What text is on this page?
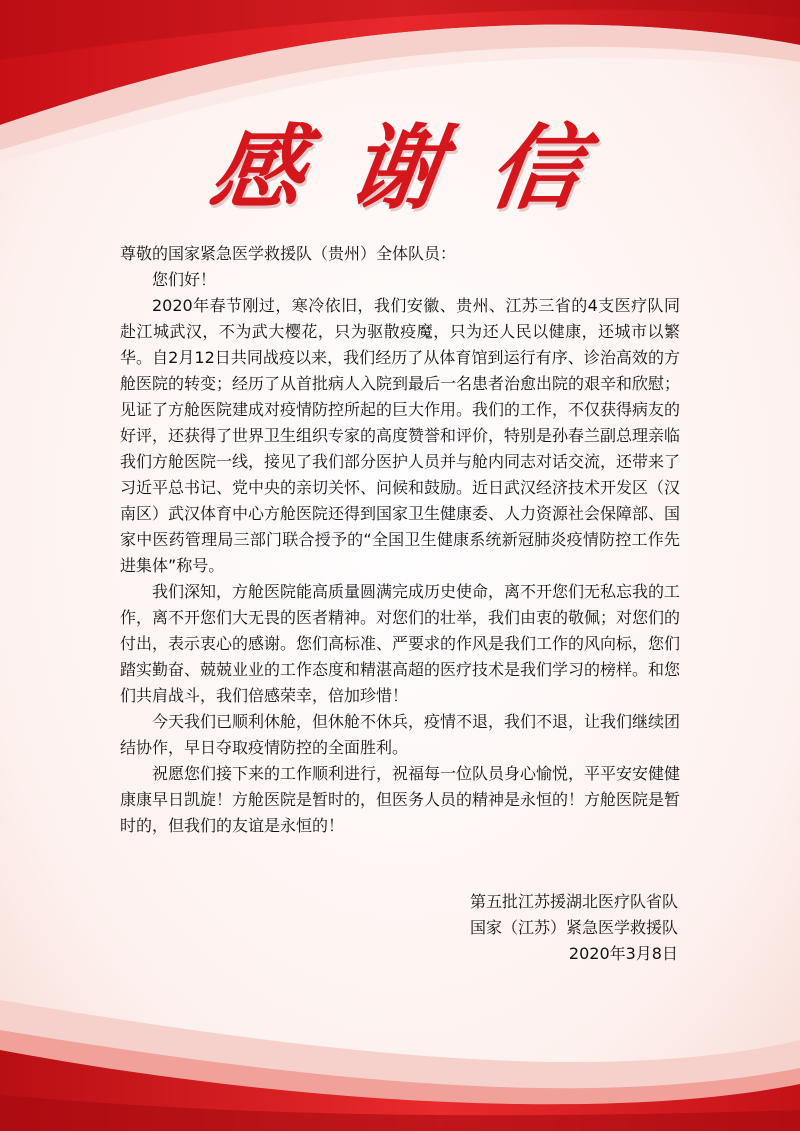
感 谢 信

尊敬的国家紧急医学救援队（贵州）全体队员：

您们好！

2020年春节刚过，寒冷依旧，我们安徽、贵州、江苏三省的4支医疗队同赴江城武汉，不为武大樱花，只为驱散疫魔，只为还人民以健康，还城市以繁华。自2月12日共同战疫以来，我们经历了从体育馆到运行有序、诊治高效的方舱医院的转变；经历了从首批病人入院到最后一名患者治愈出院的艰辛和欣慰；见证了方舱医院建成对疫情防控所起的巨大作用。我们的工作，不仅获得病友的好评，还获得了世界卫生组织专家的高度赞誉和评价，特别是孙春兰副总理亲临我们方舱医院一线，接见了我们部分医护人员并与舱内同志对话交流，还带来了习近平总书记、党中央的亲切关怀、问候和鼓励。近日武汉经济技术开发区（汉南区）武汉体育中心方舱医院还得到国家卫生健康委、人力资源社会保障部、国家中医药管理局三部门联合授予的“全国卫生健康系统新冠肺炎疫情防控工作先进集体”称号。

我们深知，方舱医院能高质量圆满完成历史使命，离不开您们无私忘我的工作，离不开您们大无畏的医者精神。对您们的壮举，我们由衷的敬佩；对您们的付出，表示衷心的感谢。您们高标准、严要求的作风是我们工作的风向标，您们踏实勤奋、兢兢业业的工作态度和精湛高超的医疗技术是我们学习的榜样。和您们共肩战斗，我们倍感荣幸，倍加珍惜！

今天我们已顺利休舱，但休舱不休兵，疫情不退，我们不退，让我们继续团结协作，早日夺取疫情防控的全面胜利。

祝愿您们接下来的工作顺利进行，祝福每一位队员身心愉悦，平平安安健健康康早日凯旋！方舱医院是暂时的，但医务人员的精神是永恒的！方舱医院是暂时的，但我们的友谊是永恒的！

第五批江苏援湖北医疗队省队
国家（江苏）紧急医学救援队
2020年3月8日
